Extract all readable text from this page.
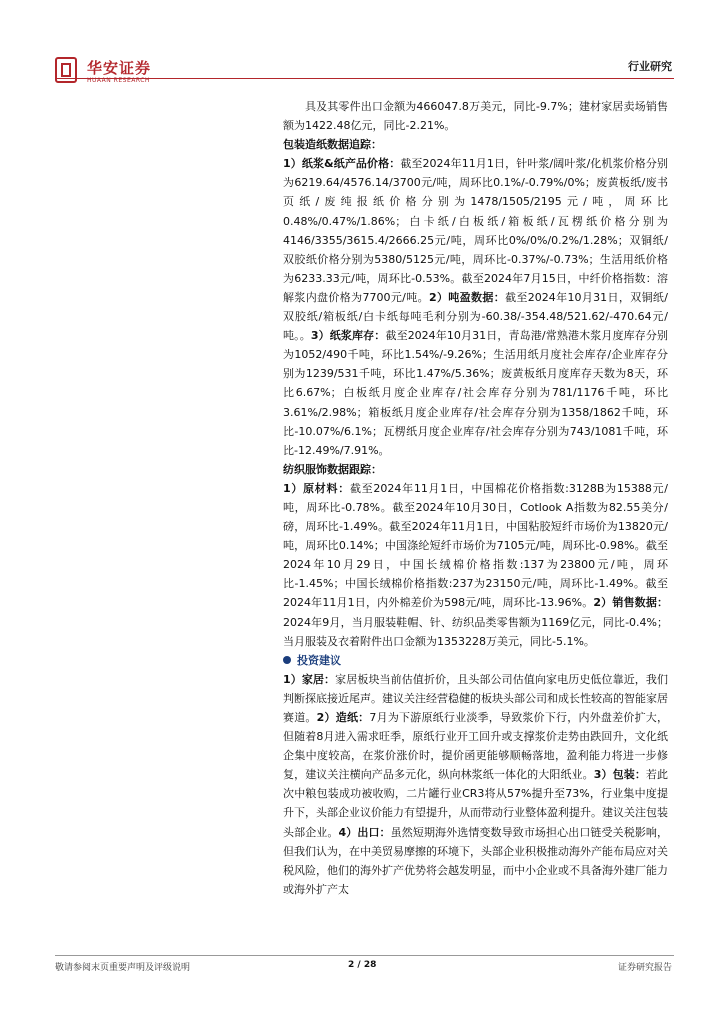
华安证券
HUAAN RESEARCH
行业研究

具及其零件出口金额为466047.8万美元，同比-9.7%；建材家居卖场销售额为1422.48亿元，同比-2.21%。

包装造纸数据追踪：

1）纸浆&纸产品价格：截至2024年11月1日，针叶浆/阔叶浆/化机浆价格分别为6219.64/4576.14/3700元/吨，周环比0.1%/-0.79%/0%；废黄板纸/废书页纸/废纯报纸价格分别为1478/1505/2195元/吨，周环比0.48%/0.47%/1.86%；白卡纸/白板纸/箱板纸/瓦楞纸价格分别为4146/3355/3615.4/2666.25元/吨，周环比0%/0%/0.2%/1.28%；双铜纸/双胶纸价格分别为5380/5125元/吨，周环比-0.37%/-0.73%；生活用纸价格为6233.33元/吨，周环比-0.53%。截至2024年7月15日，中纤价格指数：溶解浆内盘价格为7700元/吨。2）吨盈数据：截至2024年10月31日，双铜纸/双胶纸/箱板纸/白卡纸每吨毛利分别为-60.38/-354.48/521.62/-470.64元/吨。。3）纸浆库存：截至2024年10月31日，青岛港/常熟港木浆月度库存分别为1052/490千吨，环比1.54%/-9.26%；生活用纸月度社会库存/企业库存分别为1239/531千吨，环比1.47%/5.36%；废黄板纸月度库存天数为8天，环比6.67%；白板纸月度企业库存/社会库存分别为781/1176千吨，环比3.61%/2.98%；箱板纸月度企业库存/社会库存分别为1358/1862千吨，环比-10.07%/6.1%；瓦楞纸月度企业库存/社会库存分别为743/1081千吨，环比-12.49%/7.91%。

纺织服饰数据跟踪：

1）原材料：截至2024年11月1日，中国棉花价格指数:3128B为15388元/吨，周环比-0.78%。截至2024年10月30日，Cotlook A指数为82.55美分/磅，周环比-1.49%。截至2024年11月1日，中国粘胶短纤市场价为13820元/吨，周环比0.14%；中国涤纶短纤市场价为7105元/吨，周环比-0.98%。截至2024年10月29日，中国长绒棉价格指数:137为23800元/吨，周环比-1.45%；中国长绒棉价格指数:237为23150元/吨，周环比-1.49%。截至2024年11月1日，内外棉差价为598元/吨，周环比-13.96%。2）销售数据：2024年9月，当月服装鞋帽、针、纺织品类零售额为1169亿元，同比-0.4%；当月服装及衣着附件出口金额为1353228万美元，同比-5.1%。

投资建议

1）家居：家居板块当前估值折价，且头部公司估值向家电历史低位靠近，我们判断探底接近尾声。建议关注经营稳健的板块头部公司和成长性较高的智能家居赛道。2）造纸：7月为下游原纸行业淡季，导致浆价下行，内外盘差价扩大，但随着8月进入需求旺季，原纸行业开工回升或支撑浆价走势由跌回升，文化纸企集中度较高，在浆价涨价时，提价函更能够顺畅落地，盈利能力将进一步修复，建议关注横向产品多元化，纵向林浆纸一体化的大阳纸业。3）包装：若此次中粮包装成功被收购，二片罐行业CR3将从57%提升至73%，行业集中度提升下，头部企业议价能力有望提升，从而带动行业整体盈利提升。建议关注包装头部企业。4）出口：虽然短期海外选情变数导致市场担心出口链受关税影响，但我们认为，在中美贸易摩擦的环境下，头部企业积极推动海外产能布局应对关税风险，他们的海外扩产优势将会越发明显，而中小企业或不具备海外建厂能力或海外扩产太

敬请参阅末页重要声明及评级说明	2 / 28	证券研究报告
